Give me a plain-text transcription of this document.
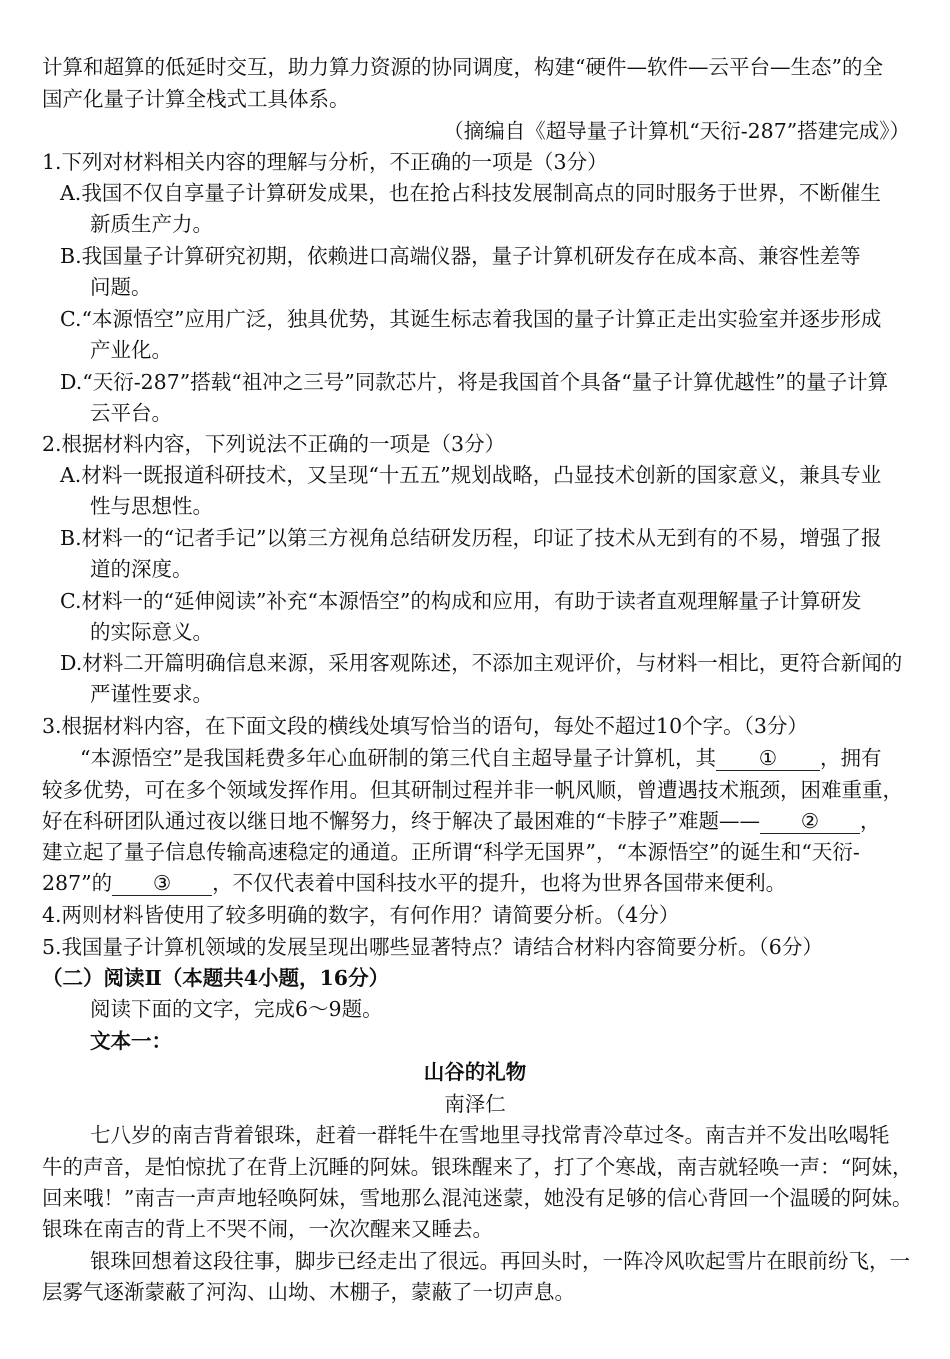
计算和超算的低延时交互，助力算力资源的协同调度，构建“硬件—软件—云平台—生态”的全
国产化量子计算全栈式工具体系。
（摘编自《超导量子计算机“天衍-287”搭建完成》）
1.下列对材料相关内容的理解与分析，不正确的一项是（3分）
A.我国不仅自享量子计算研发成果，也在抢占科技发展制高点的同时服务于世界，不断催生
新质生产力。
B.我国量子计算研究初期，依赖进口高端仪器，量子计算机研发存在成本高、兼容性差等
问题。
C.“本源悟空”应用广泛，独具优势，其诞生标志着我国的量子计算正走出实验室并逐步形成
产业化。
D.“天衍-287”搭载“祖冲之三号”同款芯片，将是我国首个具备“量子计算优越性”的量子计算
云平台。
2.根据材料内容，下列说法不正确的一项是（3分）
A.材料一既报道科研技术，又呈现“十五五”规划战略，凸显技术创新的国家意义，兼具专业
性与思想性。
B.材料一的“记者手记”以第三方视角总结研发历程，印证了技术从无到有的不易，增强了报
道的深度。
C.材料一的“延伸阅读”补充“本源悟空”的构成和应用，有助于读者直观理解量子计算研发
的实际意义。
D.材料二开篇明确信息来源，采用客观陈述，不添加主观评价，与材料一相比，更符合新闻的
严谨性要求。
3.根据材料内容，在下面文段的横线处填写恰当的语句，每处不超过10个字。（3分）
“本源悟空”是我国耗费多年心血研制的第三代自主超导量子计算机，其 ① ，拥有
较多优势，可在多个领域发挥作用。但其研制过程并非一帆风顺，曾遭遇技术瓶颈，困难重重，
好在科研团队通过夜以继日地不懈努力，终于解决了最困难的“卡脖子”难题—— ② ，
建立起了量子信息传输高速稳定的通道。正所谓“科学无国界”，“本源悟空”的诞生和“天衍-
287”的 ③ ，不仅代表着中国科技水平的提升，也将为世界各国带来便利。
4.两则材料皆使用了较多明确的数字，有何作用？请简要分析。（4分）
5.我国量子计算机领域的发展呈现出哪些显著特点？请结合材料内容简要分析。（6分）
（二）阅读Ⅱ（本题共4小题，16分）
阅读下面的文字，完成6～9题。
文本一：
山谷的礼物
南泽仁
七八岁的南吉背着银珠，赶着一群牦牛在雪地里寻找常青冷草过冬。南吉并不发出吆喝牦
牛的声音，是怕惊扰了在背上沉睡的阿妹。银珠醒来了，打了个寒战，南吉就轻唤一声：“阿妹，
回来哦！”南吉一声声地轻唤阿妹，雪地那么混沌迷蒙，她没有足够的信心背回一个温暖的阿妹。
银珠在南吉的背上不哭不闹，一次次醒来又睡去。
银珠回想着这段往事，脚步已经走出了很远。再回头时，一阵冷风吹起雪片在眼前纷飞，一
层雾气逐渐蒙蔽了河沟、山坳、木棚子，蒙蔽了一切声息。
